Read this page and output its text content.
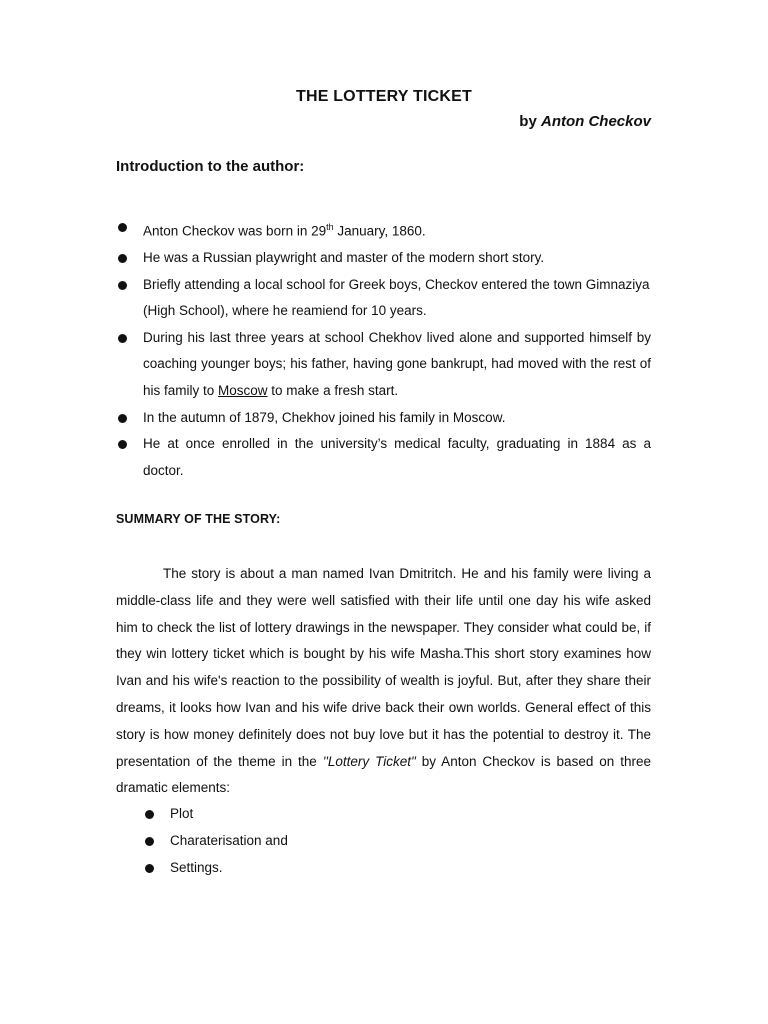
THE LOTTERY TICKET
by Anton Checkov
Introduction to the author:
Anton Checkov was born in 29th January, 1860.
He was a Russian playwright and master of the modern short story.
Briefly attending a local school for Greek boys, Checkov entered the town Gimnaziya (High School), where he reamiend for 10 years.
During his last three years at school Chekhov lived alone and supported himself by coaching younger boys; his father, having gone bankrupt, had moved with the rest of his family to Moscow to make a fresh start.
In the autumn of 1879, Chekhov joined his family in Moscow.
He at once enrolled in the university’s medical faculty, graduating in 1884 as a doctor.
SUMMARY OF THE STORY:

The story is about a man named Ivan Dmitritch. He and his family were living a middle-class life and they were well satisfied with their life until one day his wife asked him to check the list of lottery drawings in the newspaper. They consider what could be, if they win lottery ticket which is bought by his wife Masha.This short story examines how Ivan and his wife's reaction to the possibility of wealth is joyful. But, after they share their dreams, it looks how Ivan and his wife drive back their own worlds. General effect of this story is how money definitely does not buy love but it has the potential to destroy it. The presentation of the theme in the ''Lottery Ticket" by Anton Checkov is based on three dramatic elements:

Plot
Charaterisation and
Settings.
